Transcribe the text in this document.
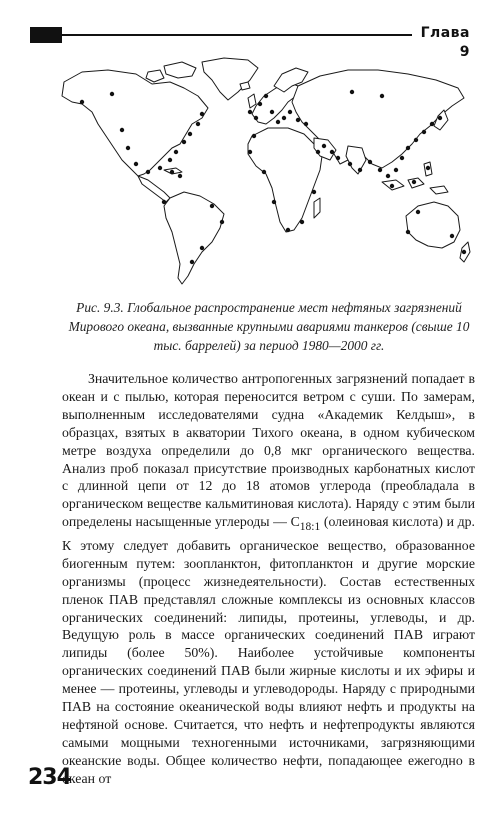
Глава 9
Рис. 9.3. Глобальное распространение мест нефтяных загрязнений Мирового океана, вызванные крупными авариями танкеров (свыше 10 тыс. баррелей) за период 1980—2000 гг.

Значительное количество антропогенных загрязнений попадает в океан и с пылью, которая переносится ветром с суши. По замерам, выполненным исследователями судна «Академик Келдыш», в образцах, взятых в акватории Тихого океана, в одном кубическом метре воздуха определили до 0,8 мкг органического вещества. Анализ проб показал присутствие производных карбонатных кислот с длинной цепи от 12 до 18 атомов углерода (преобладала в органическом веществе кальмитиновая кислота). Наряду с этим были определены насыщенные углероды — $C_{18:1}$ (олеиновая кислота) и др. К этому следует добавить органическое вещество, образованное биогенным путем: зоопланктон, фитопланктон и другие морские организмы (процесс жизнедеятельности). Состав естественных пленок ПАВ представлял сложные комплексы из основных классов органических соединений: липиды, протеины, углеводы, и др. Ведущую роль в массе органических соединений ПАВ играют липиды (более 50%). Наиболее устойчивые компоненты органических соединений ПАВ были жирные кислоты и их эфиры и менее — протеины, углеводы и углеводороды. Наряду с природными ПАВ на состояние океанической воды влияют нефть и продукты на нефтяной основе. Считается, что нефть и нефтепродукты являются самыми мощными техногенными источниками, загрязняющими океанские воды. Общее количество нефти, попадающее ежегодно в океан от

234
